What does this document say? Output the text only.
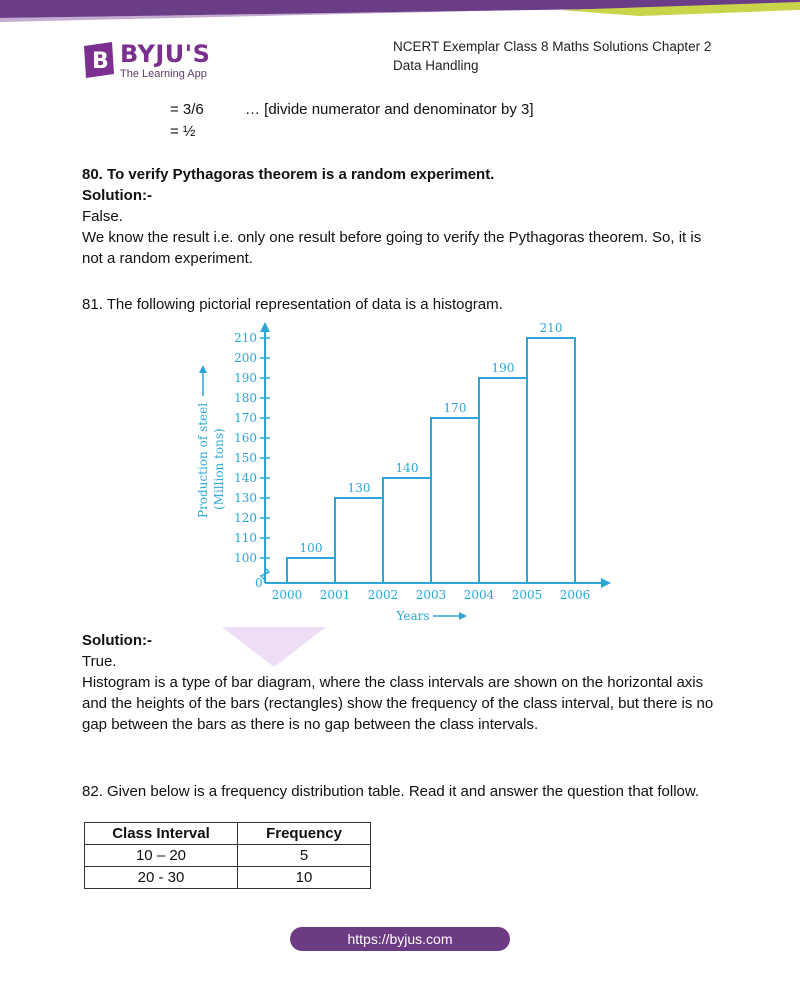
B BYJU'S
The Learning App
NCERT Exemplar Class 8 Maths Solutions Chapter 2
Data Handling
= 3/6	… [divide numerator and denominator by 3]
= ½
80. To verify Pythagoras theorem is a random experiment.
Solution:-
False.
We know the result i.e. only one result before going to verify the Pythagoras theorem. So, it is not a random experiment.
81. The following pictorial representation of data is a histogram.
0
100
110
120
130
140
150
160
170
180
190
200
210
100
130
140
170
190
210
2000 2001 2002 2003 2004 2005 2006
Years
Production of steel (Million tons)
Solution:-
True.
Histogram is a type of bar diagram, where the class intervals are shown on the horizontal axis and the heights of the bars (rectangles) show the frequency of the class interval, but there is no gap between the bars as there is no gap between the class intervals.
82. Given below is a frequency distribution table. Read it and answer the question that follow.
Class Interval	Frequency
10 – 20	5
20 - 30	10
https://byjus.com
